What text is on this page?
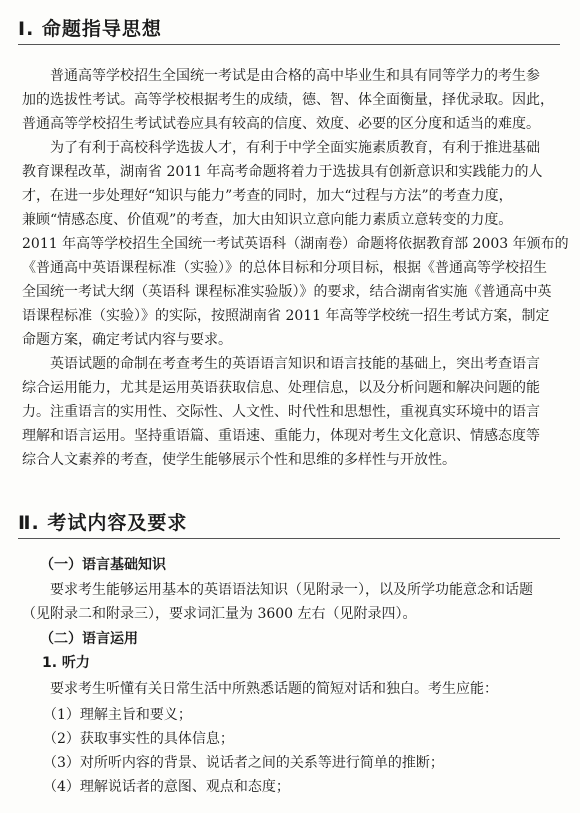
Ⅰ. 命题指导思想
　　普通高等学校招生全国统一考试是由合格的高中毕业生和具有同等学力的考生参
加的选拔性考试。高等学校根据考生的成绩，德、智、体全面衡量，择优录取。因此，
普通高等学校招生考试试卷应具有较高的信度、效度、必要的区分度和适当的难度。
　　为了有利于高校科学选拔人才，有利于中学全面实施素质教育，有利于推进基础
教育课程改革，湖南省 2011 年高考命题将着力于选拔具有创新意识和实践能力的人
才，在进一步处理好“知识与能力”考查的同时，加大“过程与方法”的考查力度，
兼顾“情感态度、价值观”的考查，加大由知识立意向能力素质立意转变的力度。
2011 年高等学校招生全国统一考试英语科（湖南卷）命题将依据教育部 2003 年颁布的
《普通高中英语课程标准（实验）》的总体目标和分项目标，根据《普通高等学校招生
全国统一考试大纲（英语科 课程标准实验版）》的要求，结合湖南省实施《普通高中英
语课程标准（实验）》的实际，按照湖南省 2011 年高等学校统一招生考试方案，制定
命题方案，确定考试内容与要求。
　　英语试题的命制在考查考生的英语语言知识和语言技能的基础上，突出考查语言
综合运用能力，尤其是运用英语获取信息、处理信息，以及分析问题和解决问题的能
力。注重语言的实用性、交际性、人文性、时代性和思想性，重视真实环境中的语言
理解和语言运用。坚持重语篇、重语速、重能力，体现对考生文化意识、情感态度等
综合人文素养的考查，使学生能够展示个性和思维的多样性与开放性。
Ⅱ. 考试内容及要求
（一）语言基础知识
　　要求考生能够运用基本的英语语法知识（见附录一），以及所学功能意念和话题
（见附录二和附录三），要求词汇量为 3600 左右（见附录四）。
（二）语言运用
1. 听力
　　要求考生听懂有关日常生活中所熟悉话题的简短对话和独白。考生应能：
　　（1）理解主旨和要义；
　　（2）获取事实性的具体信息；
　　（3）对所听内容的背景、说话者之间的关系等进行简单的推断；
　　（4）理解说话者的意图、观点和态度；
